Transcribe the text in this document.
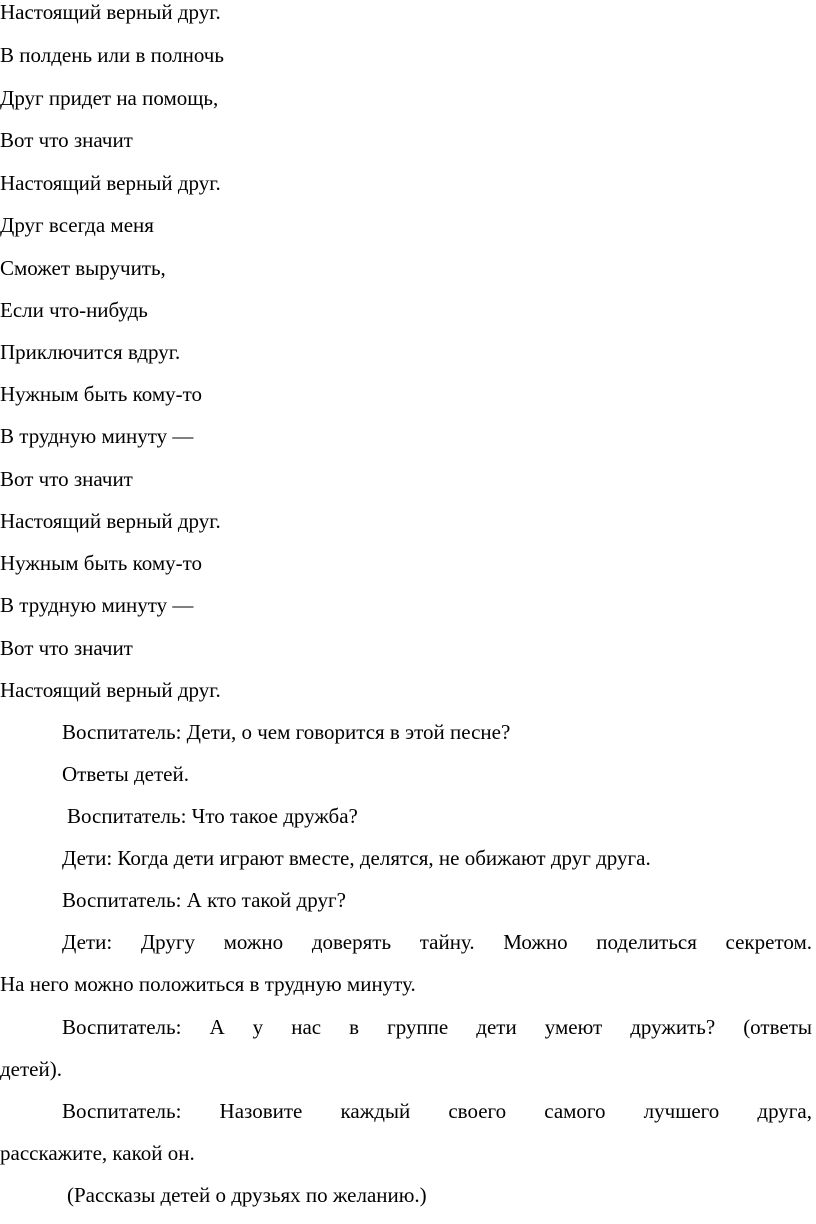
Настоящий верный друг.
В полдень или в полночь
Друг придет на помощь,
Вот что значит
Настоящий верный друг.
Друг всегда меня
Сможет выручить,
Если что-нибудь
Приключится вдруг.
Нужным быть кому-то
В трудную минуту —
Вот что значит
Настоящий верный друг.
Нужным быть кому-то
В трудную минуту —
Вот что значит
Настоящий верный друг.
Воспитатель: Дети, о чем говорится в этой песне?
Ответы детей.
Воспитатель: Что такое дружба?
Дети: Когда дети играют вместе, делятся, не обижают друг друга.
Воспитатель: А кто такой друг?
Дети: Другу можно доверять тайну. Можно поделиться секретом.
На него можно положиться в трудную минуту.
Воспитатель: А у нас в группе дети умеют дружить? (ответы
детей).
Воспитатель: Назовите каждый своего самого лучшего друга,
расскажите, какой он.
(Рассказы детей о друзьях по желанию.)
